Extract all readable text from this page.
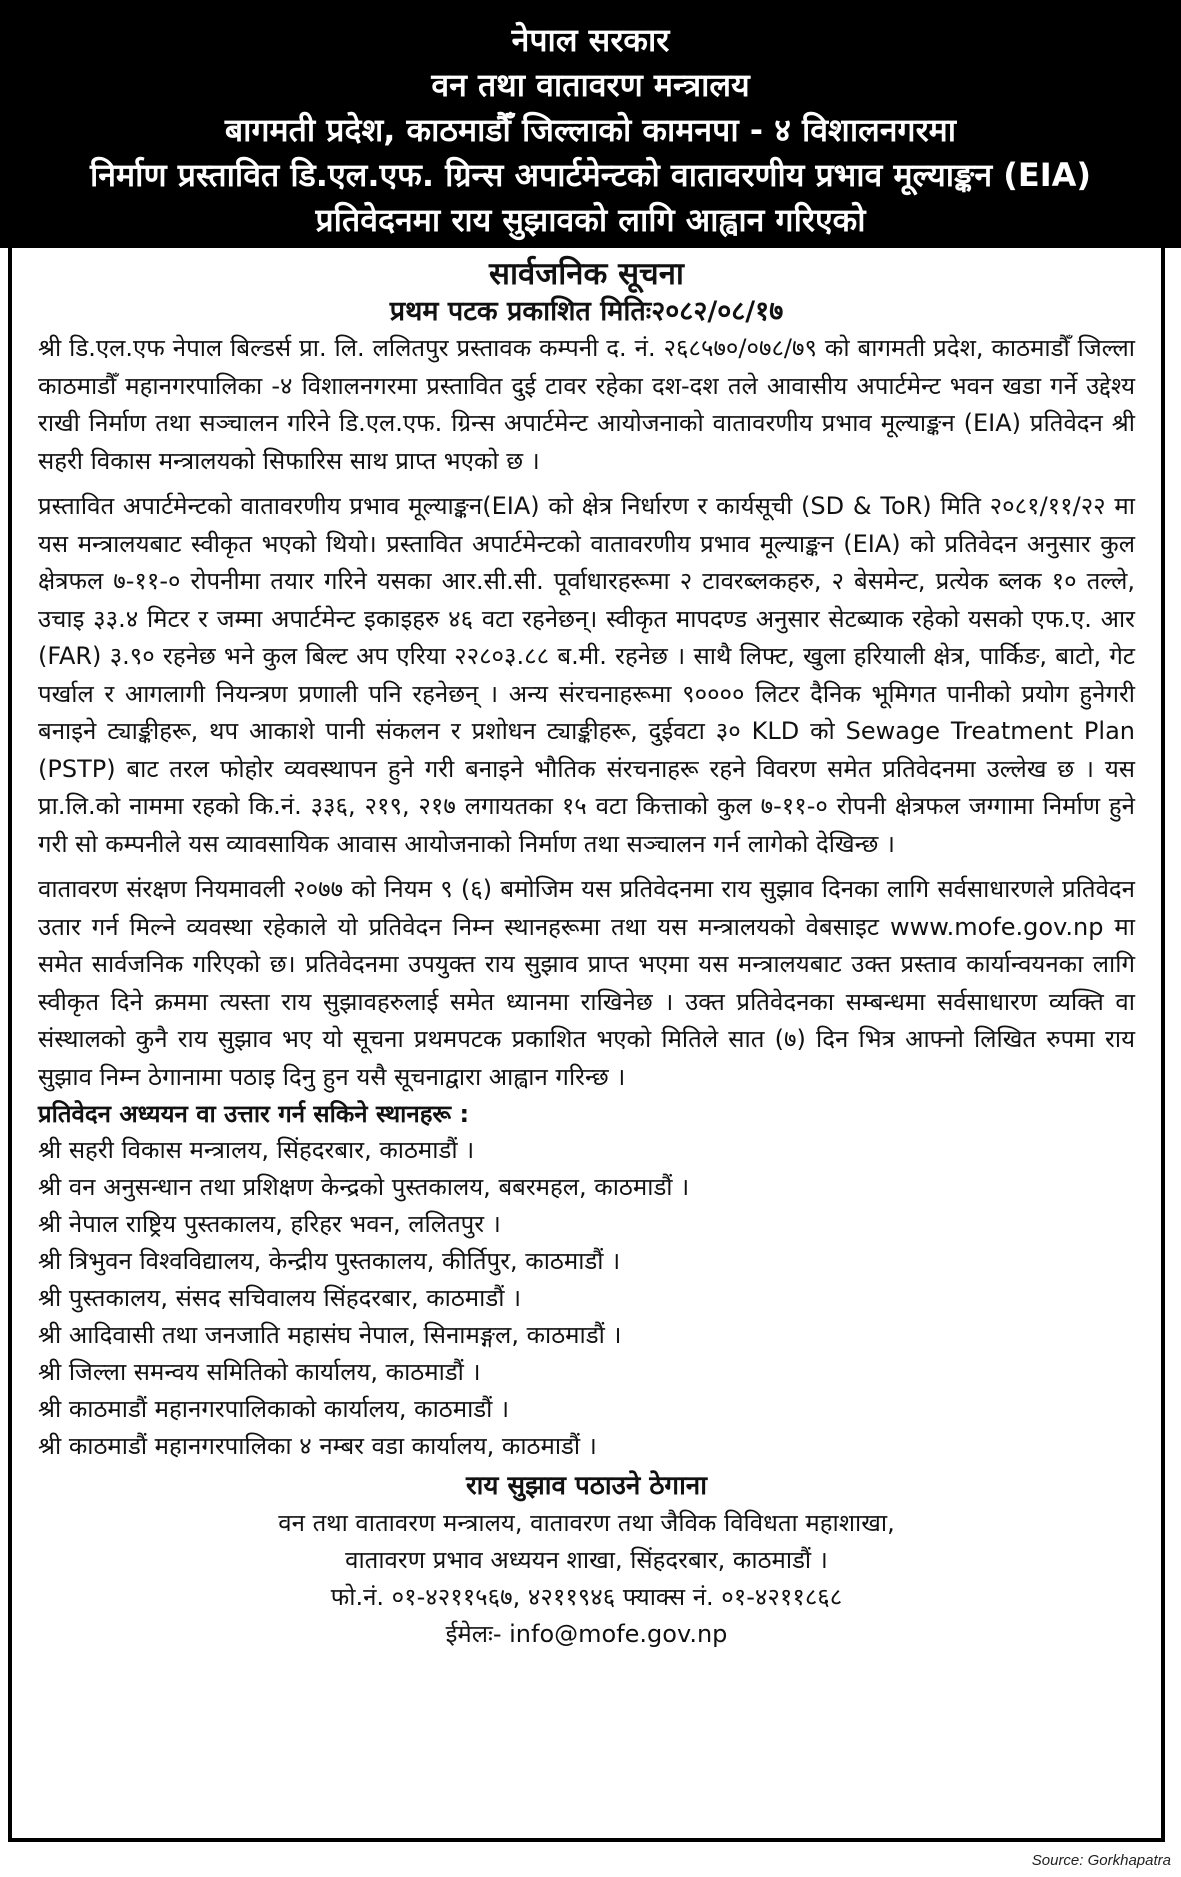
नेपाल सरकार
वन तथा वातावरण मन्त्रालय
बागमती प्रदेश, काठमाडौँ जिल्लाको कामनपा - ४ विशालनगरमा
निर्माण प्रस्तावित डि.एल.एफ. ग्रिन्स अपार्टमेन्टको वातावरणीय प्रभाव मूल्याङ्कन (EIA)
प्रतिवेदनमा राय सुझावको लागि आह्वान गरिएको
सार्वजनिक सूचना
प्रथम पटक प्रकाशित मितिः२०८२/०८/१७

श्री डि.एल.एफ नेपाल बिल्डर्स प्रा. लि. ललितपुर प्रस्तावक कम्पनी द. नं. २६८५७०/०७८/७९ को बागमती प्रदेश, काठमाडौँ जिल्ला काठमाडौँ महानगरपालिका -४ विशालनगरमा प्रस्तावित दुई टावर रहेका दश-दश तले आवासीय अपार्टमेन्ट भवन खडा गर्ने उद्देश्य राखी निर्माण तथा सञ्चालन गरिने डि.एल.एफ. ग्रिन्स अपार्टमेन्ट आयोजनाको वातावरणीय प्रभाव मूल्याङ्कन (EIA) प्रतिवेदन श्री सहरी विकास मन्त्रालयको सिफारिस साथ प्राप्त भएको छ ।

प्रस्तावित अपार्टमेन्टको वातावरणीय प्रभाव मूल्याङ्कन(EIA) को क्षेत्र निर्धारण र कार्यसूची (SD & ToR) मिति २०८१/११/२२ मा यस मन्त्रालयबाट स्वीकृत भएको थियो। प्रस्तावित अपार्टमेन्टको वातावरणीय प्रभाव मूल्याङ्कन (EIA) को प्रतिवेदन अनुसार कुल क्षेत्रफल ७-११-० रोपनीमा तयार गरिने यसका आर.सी.सी. पूर्वाधारहरूमा २ टावरब्लकहरु, २ बेसमेन्ट, प्रत्येक ब्लक १० तल्ले, उचाइ ३३.४ मिटर र जम्मा अपार्टमेन्ट इकाइहरु ४६ वटा रहनेछन्। स्वीकृत मापदण्ड अनुसार सेटब्याक रहेको यसको एफ.ए. आर (FAR) ३.९० रहनेछ भने कुल बिल्ट अप एरिया २२८०३.८८ ब.मी. रहनेछ । साथै लिफ्ट, खुला हरियाली क्षेत्र, पार्किङ, बाटो, गेट पर्खाल र आगलागी नियन्त्रण प्रणाली पनि रहनेछन् । अन्य संरचनाहरूमा ९०००० लिटर दैनिक भूमिगत पानीको प्रयोग हुनेगरी बनाइने ट्याङ्कीहरू, थप आकाशे पानी संकलन र प्रशोधन ट्याङ्कीहरू, दुईवटा ३० KLD को Sewage Treatment Plan (PSTP) बाट तरल फोहोर व्यवस्थापन हुने गरी बनाइने भौतिक संरचनाहरू रहने विवरण समेत प्रतिवेदनमा उल्लेख छ । यस प्रा.लि.को नाममा रहको कि.नं. ३३६, २१९, २१७ लगायतका १५ वटा कित्ताको कुल ७-११-० रोपनी क्षेत्रफल जग्गामा निर्माण हुने गरी सो कम्पनीले यस व्यावसायिक आवास आयोजनाको निर्माण तथा सञ्चालन गर्न लागेको देखिन्छ ।

वातावरण संरक्षण नियमावली २०७७ को नियम ९ (६) बमोजिम यस प्रतिवेदनमा राय सुझाव दिनका लागि सर्वसाधारणले प्रतिवेदन उतार गर्न मिल्ने व्यवस्था रहेकाले यो प्रतिवेदन निम्न स्थानहरूमा तथा यस मन्त्रालयको वेबसाइट www.mofe.gov.np मा समेत सार्वजनिक गरिएको छ। प्रतिवेदनमा उपयुक्त राय सुझाव प्राप्त भएमा यस मन्त्रालयबाट उक्त प्रस्ताव कार्यान्वयनका लागि स्वीकृत दिने क्रममा त्यस्ता राय सुझावहरुलाई समेत ध्यानमा राखिनेछ । उक्त प्रतिवेदनका सम्बन्धमा सर्वसाधारण व्यक्ति वा संस्थालको कुनै राय सुझाव भए यो सूचना प्रथमपटक प्रकाशित भएको मितिले सात (७) दिन भित्र आफ्नो लिखित रुपमा राय सुझाव निम्न ठेगानामा पठाइ दिनु हुन यसै सूचनाद्वारा आह्वान गरिन्छ ।

प्रतिवेदन अध्ययन वा उत्तार गर्न सकिने स्थानहरू :
श्री सहरी विकास मन्त्रालय, सिंहदरबार, काठमाडौं ।
श्री वन अनुसन्धान तथा प्रशिक्षण केन्द्रको पुस्तकालय, बबरमहल, काठमाडौं ।
श्री नेपाल राष्ट्रिय पुस्तकालय, हरिहर भवन, ललितपुर ।
श्री त्रिभुवन विश्वविद्यालय, केन्द्रीय पुस्तकालय, कीर्तिपुर, काठमाडौं ।
श्री पुस्तकालय, संसद सचिवालय सिंहदरबार, काठमाडौं ।
श्री आदिवासी तथा जनजाति महासंघ नेपाल, सिनामङ्गल, काठमाडौं ।
श्री जिल्ला समन्वय समितिको कार्यालय, काठमाडौं ।
श्री काठमाडौं महानगरपालिकाको कार्यालय, काठमाडौं ।
श्री काठमाडौं महानगरपालिका ४ नम्बर वडा कार्यालय, काठमाडौं ।
राय सुझाव पठाउने ठेगाना
वन तथा वातावरण मन्त्रालय, वातावरण तथा जैविक विविधता महाशाखा,
वातावरण प्रभाव अध्ययन शाखा, सिंहदरबार, काठमाडौं ।
फो.नं. ०१-४२११५६७, ४२११९४६ फ्याक्स नं. ०१-४२११८६८
ईमेलः- info@mofe.gov.np
Source: Gorkhapatra
